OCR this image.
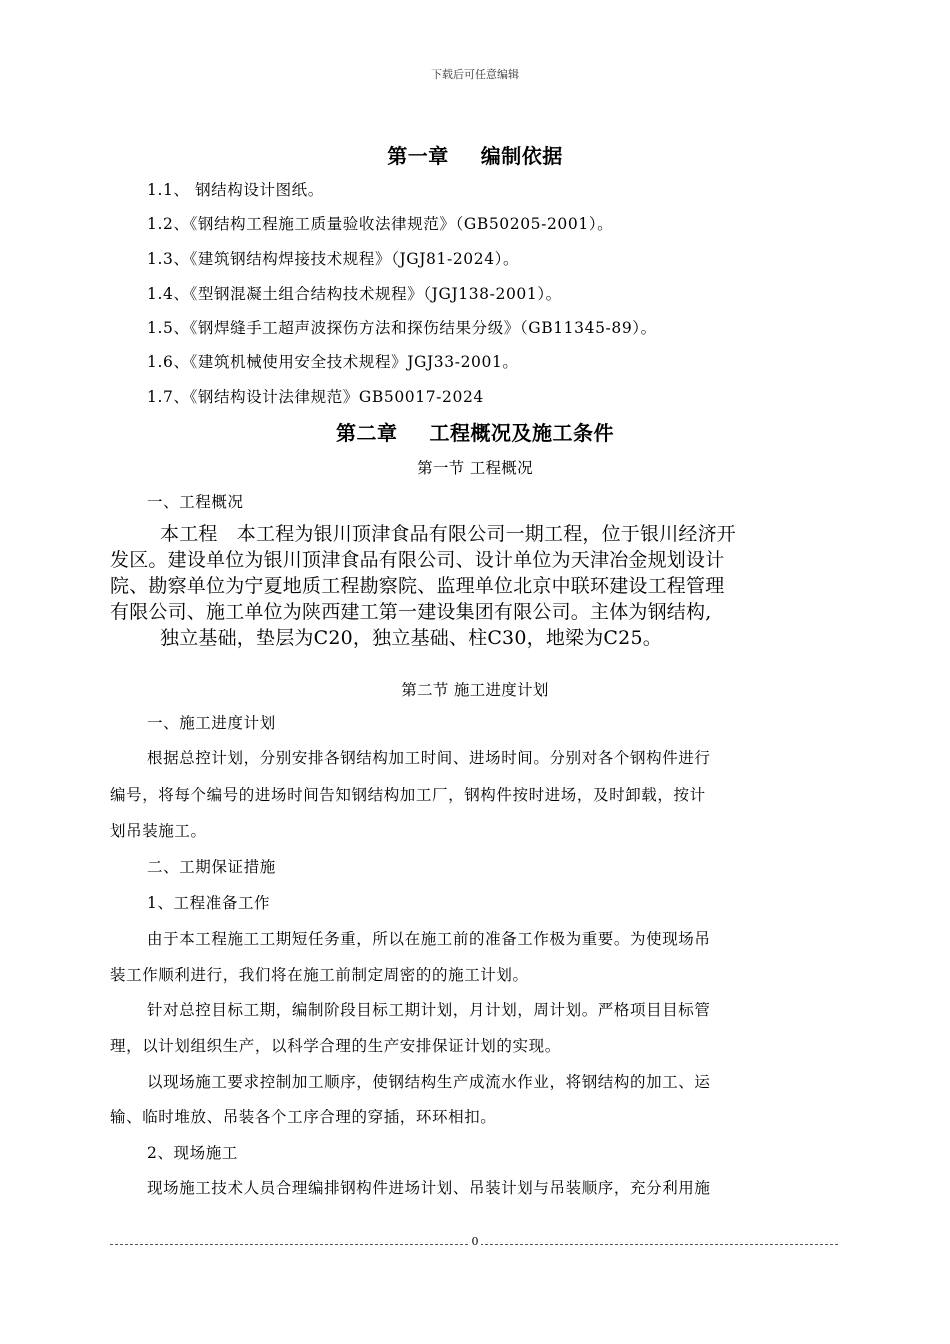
下载后可任意编辑
第一章 编制依据
1.1、 钢结构设计图纸。
1.2、《钢结构工程施工质量验收法律规范》（GB50205-2001）。
1.3、《建筑钢结构焊接技术规程》（JGJ81-2024）。
1.4、《型钢混凝土组合结构技术规程》（JGJ138-2001）。
1.5、《钢焊缝手工超声波探伤方法和探伤结果分级》（GB11345-89）。
1.6、《建筑机械使用安全技术规程》JGJ33-2001。
1.7、《钢结构设计法律规范》GB50017-2024
第二章 工程概况及施工条件
第一节 工程概况
一、工程概况
本工程　本工程为银川顶津食品有限公司一期工程，位于银川经济开
发区。建设单位为银川顶津食品有限公司、设计单位为天津冶金规划设计
院、勘察单位为宁夏地质工程勘察院、监理单位北京中联环建设工程管理
有限公司、施工单位为陕西建工第一建设集团有限公司。主体为钢结构,
独立基础，垫层为C20，独立基础、柱C30，地梁为C25。
第二节 施工进度计划
一、施工进度计划
根据总控计划，分别安排各钢结构加工时间、进场时间。分别对各个钢构件进行
编号，将每个编号的进场时间告知钢结构加工厂，钢构件按时进场，及时卸载，按计
划吊装施工。
二、工期保证措施
1、工程准备工作
由于本工程施工工期短任务重，所以在施工前的准备工作极为重要。为使现场吊
装工作顺利进行，我们将在施工前制定周密的的施工计划。
针对总控目标工期，编制阶段目标工期计划，月计划，周计划。严格项目目标管
理，以计划组织生产，以科学合理的生产安排保证计划的实现。
以现场施工要求控制加工顺序，使钢结构生产成流水作业，将钢结构的加工、运
输、临时堆放、吊装各个工序合理的穿插，环环相扣。
2、现场施工
现场施工技术人员合理编排钢构件进场计划、吊装计划与吊装顺序，充分利用施
0
